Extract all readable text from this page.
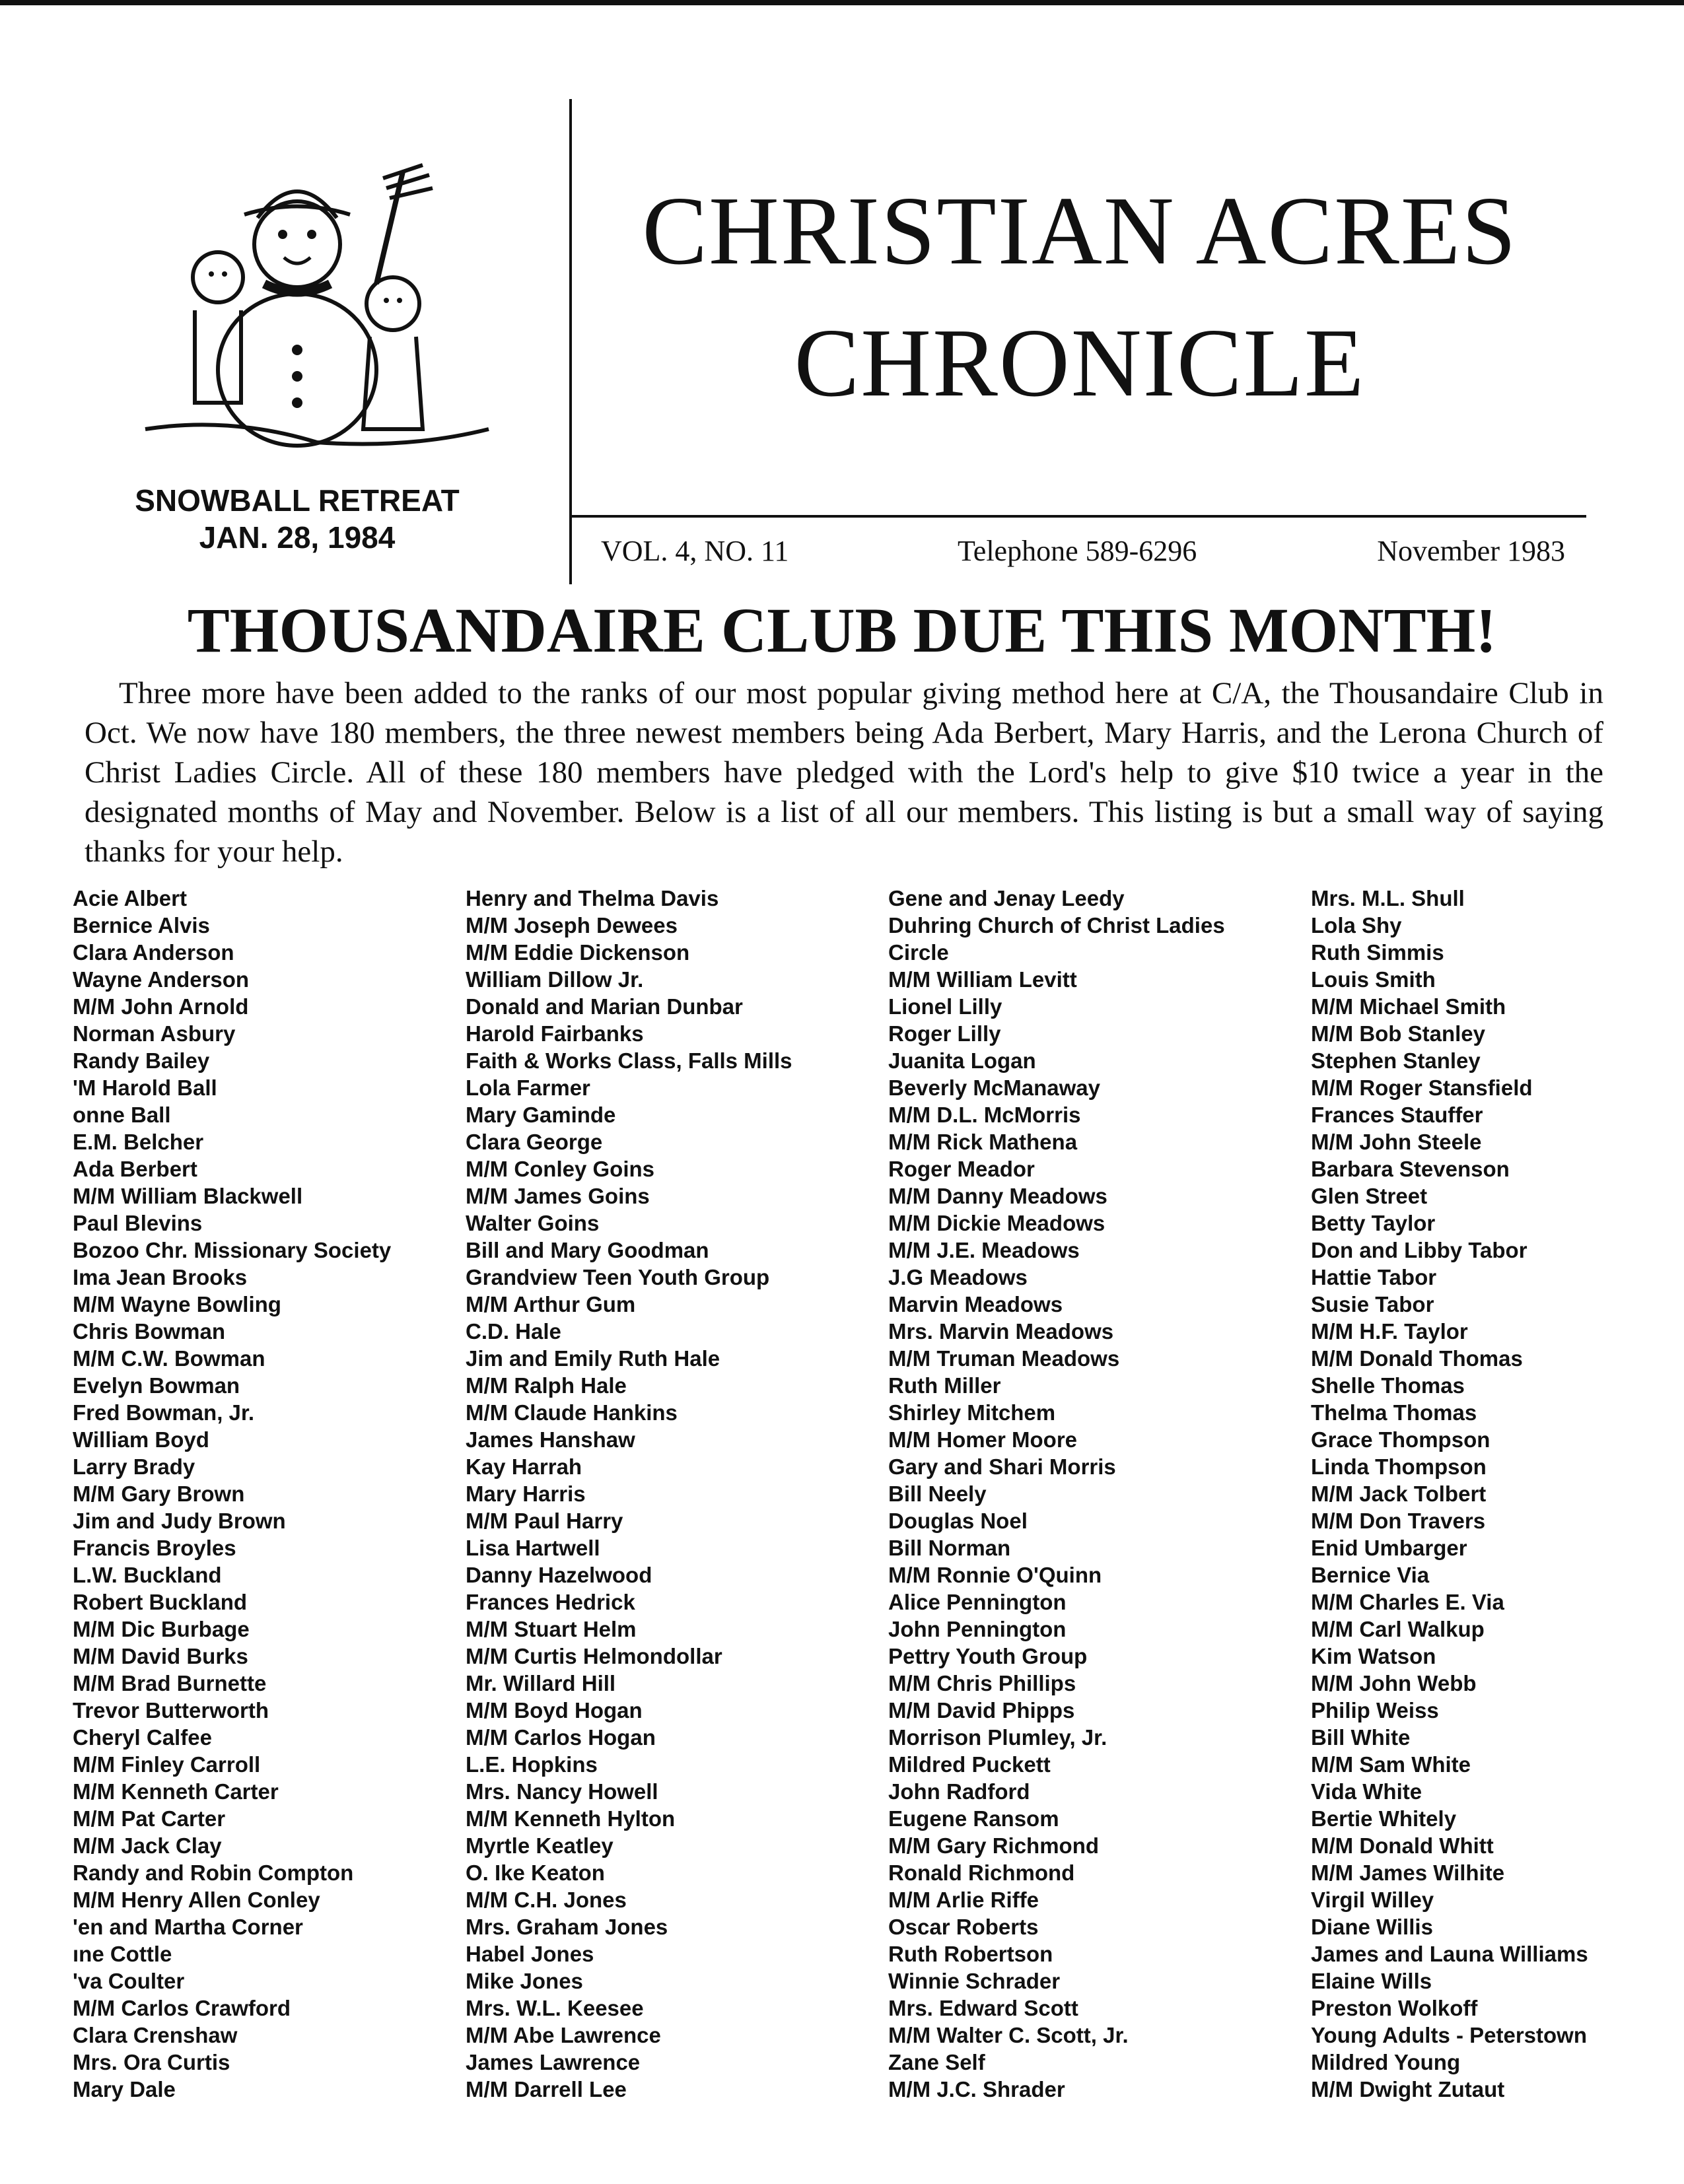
SNOWBALL RETREAT
JAN. 28, 1984
CHRISTIAN ACRES
CHRONICLE
VOL. 4, NO. 11	Telephone 589-6296	November 1983
THOUSANDAIRE CLUB DUE THIS MONTH!
Three more have been added to the ranks of our most popular giving method here at C/A, the Thousandaire Club in Oct. We now have 180 members, the three newest members being Ada Berbert, Mary Harris, and the Lerona Church of Christ Ladies Circle. All of these 180 members have pledged with the Lord's help to give $10 twice a year in the designated months of May and November. Below is a list of all our members. This listing is but a small way of saying thanks for your help.
Acie Albert
Bernice Alvis
Clara Anderson
Wayne Anderson
M/M John Arnold
Norman Asbury
Randy Bailey
'M Harold Ball
onne Ball
E.M. Belcher
Ada Berbert
M/M William Blackwell
Paul Blevins
Bozoo Chr. Missionary Society
Ima Jean Brooks
M/M Wayne Bowling
Chris Bowman
M/M C.W. Bowman
Evelyn Bowman
Fred Bowman, Jr.
William Boyd
Larry Brady
M/M Gary Brown
Jim and Judy Brown
Francis Broyles
L.W. Buckland
Robert Buckland
M/M Dic Burbage
M/M David Burks
M/M Brad Burnette
Trevor Butterworth
Cheryl Calfee
M/M Finley Carroll
M/M Kenneth Carter
M/M Pat Carter
M/M Jack Clay
Randy and Robin Compton
M/M Henry Allen Conley
'en and Martha Corner
ıne Cottle
'va Coulter
M/M Carlos Crawford
Clara Crenshaw
Mrs. Ora Curtis
Mary Dale
Henry and Thelma Davis
M/M Joseph Dewees
M/M Eddie Dickenson
William Dillow Jr.
Donald and Marian Dunbar
Harold Fairbanks
Faith & Works Class, Falls Mills
Lola Farmer
Mary Gaminde
Clara George
M/M Conley Goins
M/M James Goins
Walter Goins
Bill and Mary Goodman
Grandview Teen Youth Group
M/M Arthur Gum
C.D. Hale
Jim and Emily Ruth Hale
M/M Ralph Hale
M/M Claude Hankins
James Hanshaw
Kay Harrah
Mary Harris
M/M Paul Harry
Lisa Hartwell
Danny Hazelwood
Frances Hedrick
M/M Stuart Helm
M/M Curtis Helmondollar
Mr. Willard Hill
M/M Boyd Hogan
M/M Carlos Hogan
L.E. Hopkins
Mrs. Nancy Howell
M/M Kenneth Hylton
Myrtle Keatley
O. Ike Keaton
M/M C.H. Jones
Mrs. Graham Jones
Habel Jones
Mike Jones
Mrs. W.L. Keesee
M/M Abe Lawrence
James Lawrence
M/M Darrell Lee
Gene and Jenay Leedy
Duhring Church of Christ Ladies
Circle
M/M William Levitt
Lionel Lilly
Roger Lilly
Juanita Logan
Beverly McManaway
M/M D.L. McMorris
M/M Rick Mathena
Roger Meador
M/M Danny Meadows
M/M Dickie Meadows
M/M J.E. Meadows
J.G Meadows
Marvin Meadows
Mrs. Marvin Meadows
M/M Truman Meadows
Ruth Miller
Shirley Mitchem
M/M Homer Moore
Gary and Shari Morris
Bill Neely
Douglas Noel
Bill Norman
M/M Ronnie O'Quinn
Alice Pennington
John Pennington
Pettry Youth Group
M/M Chris Phillips
M/M David Phipps
Morrison Plumley, Jr.
Mildred Puckett
John Radford
Eugene Ransom
M/M Gary Richmond
Ronald Richmond
M/M Arlie Riffe
Oscar Roberts
Ruth Robertson
Winnie Schrader
Mrs. Edward Scott
M/M Walter C. Scott, Jr.
Zane Self
M/M J.C. Shrader
Mrs. M.L. Shull
Lola Shy
Ruth Simmis
Louis Smith
M/M Michael Smith
M/M Bob Stanley
Stephen Stanley
M/M Roger Stansfield
Frances Stauffer
M/M John Steele
Barbara Stevenson
Glen Street
Betty Taylor
Don and Libby Tabor
Hattie Tabor
Susie Tabor
M/M H.F. Taylor
M/M Donald Thomas
Shelle Thomas
Thelma Thomas
Grace Thompson
Linda Thompson
M/M Jack Tolbert
M/M Don Travers
Enid Umbarger
Bernice Via
M/M Charles E. Via
M/M Carl Walkup
Kim Watson
M/M John Webb
Philip Weiss
Bill White
M/M Sam White
Vida White
Bertie Whitely
M/M Donald Whitt
M/M James Wilhite
Virgil Willey
Diane Willis
James and Launa Williams
Elaine Wills
Preston Wolkoff
Young Adults - Peterstown
Mildred Young
M/M Dwight Zutaut
